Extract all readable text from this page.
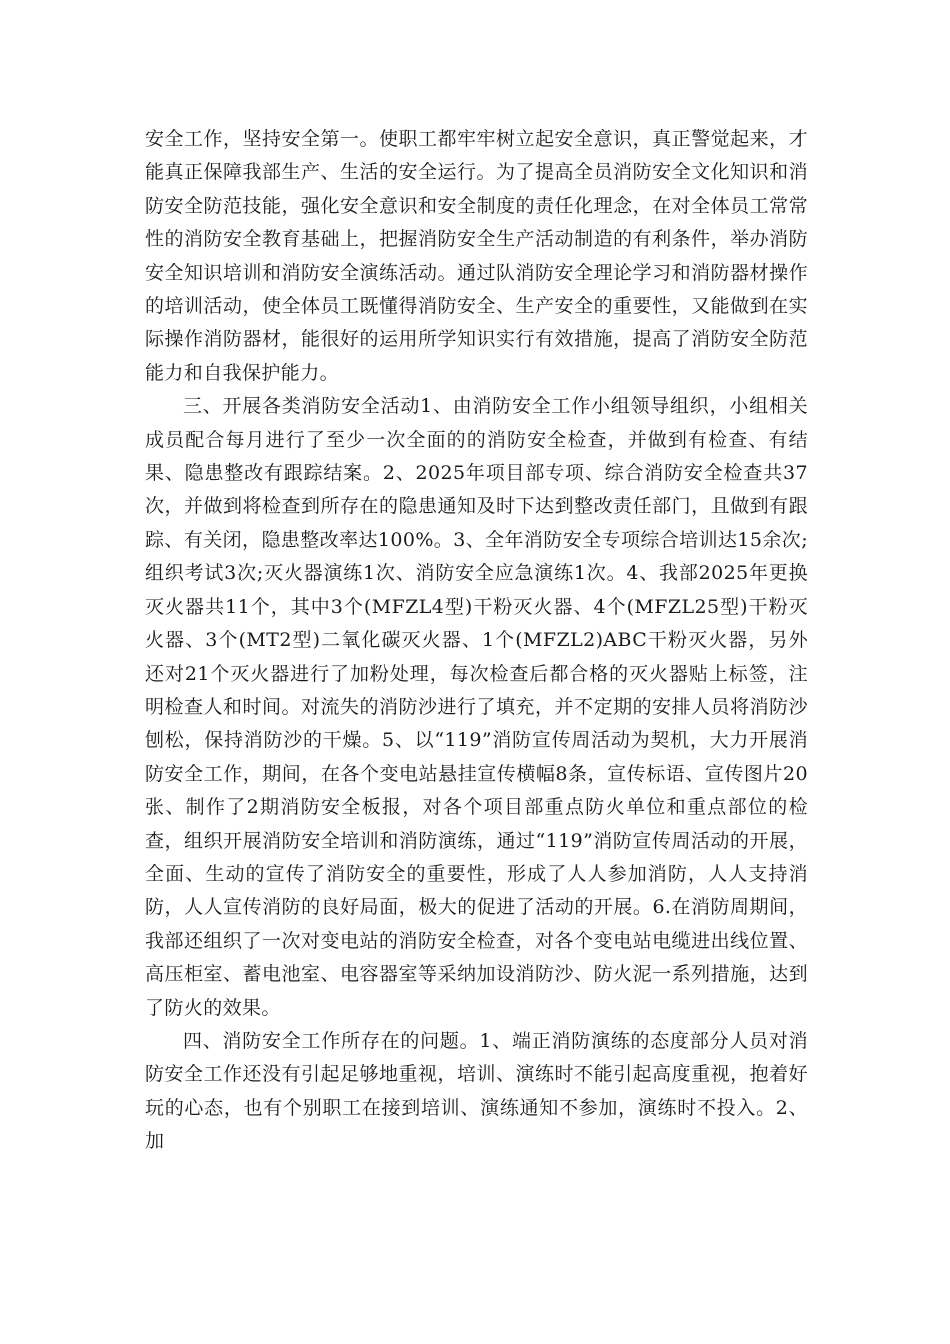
安全工作，坚持安全第一。使职工都牢牢树立起安全意识，真正警觉起来，才能真正保障我部生产、生活的安全运行。为了提高全员消防安全文化知识和消防安全防范技能，强化安全意识和安全制度的责任化理念，在对全体员工常常性的消防安全教育基础上，把握消防安全生产活动制造的有利条件，举办消防安全知识培训和消防安全演练活动。通过队消防安全理论学习和消防器材操作的培训活动，使全体员工既懂得消防安全、生产安全的重要性，又能做到在实际操作消防器材，能很好的运用所学知识实行有效措施，提高了消防安全防范能力和自我保护能力。

三、开展各类消防安全活动1、由消防安全工作小组领导组织，小组相关成员配合每月进行了至少一次全面的的消防安全检查，并做到有检查、有结果、隐患整改有跟踪结案。2、2025年项目部专项、综合消防安全检查共37次，并做到将检查到所存在的隐患通知及时下达到整改责任部门，且做到有跟踪、有关闭，隐患整改率达100%。3、全年消防安全专项综合培训达15余次;组织考试3次;灭火器演练1次、消防安全应急演练1次。4、我部2025年更换灭火器共11个，其中3个(MFZL4型)干粉灭火器、4个(MFZL25型)干粉灭火器、3个(MT2型)二氧化碳灭火器、1个(MFZL2)ABC干粉灭火器，另外还对21个灭火器进行了加粉处理，每次检查后都合格的灭火器贴上标签，注明检查人和时间。对流失的消防沙进行了填充，并不定期的安排人员将消防沙刨松，保持消防沙的干燥。5、以“119”消防宣传周活动为契机，大力开展消防安全工作，期间，在各个变电站悬挂宣传横幅8条，宣传标语、宣传图片20张、制作了2期消防安全板报，对各个项目部重点防火单位和重点部位的检查，组织开展消防安全培训和消防演练，通过“119”消防宣传周活动的开展，全面、生动的宣传了消防安全的重要性，形成了人人参加消防，人人支持消防，人人宣传消防的良好局面，极大的促进了活动的开展。6.在消防周期间，我部还组织了一次对变电站的消防安全检查，对各个变电站电缆进出线位置、高压柜室、蓄电池室、电容器室等采纳加设消防沙、防火泥一系列措施，达到了防火的效果。

四、消防安全工作所存在的问题。1、端正消防演练的态度部分人员对消防安全工作还没有引起足够地重视，培训、演练时不能引起高度重视，抱着好玩的心态，也有个别职工在接到培训、演练通知不参加，演练时不投入。2、加
